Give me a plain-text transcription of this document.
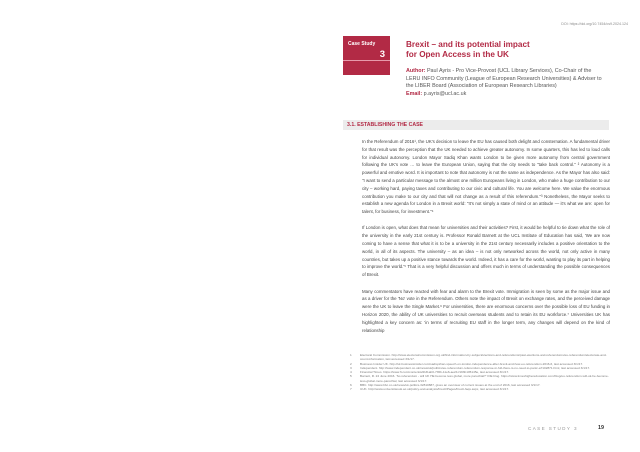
DOI: https://doi.org/10.7454/cs9.2024.124
Case Study
3
Brexit – and its potential impact
for Open Access in the UK
Author: Paul Ayris - Pro Vice-Provost (UCL Library Services), Co-Chair of the LERU INFO Community (League of European Research Universities) & Adviser to the LIBER Board (Association of European Research Libraries)
Email: p.ayris@ucl.ac.uk
3.1. ESTABLISHING THE CASE

In the Referendum of 2016¹, the UK's decision to leave the EU has caused both delight and consternation. A fundamental driver for that result was the perception that the UK needed to achieve greater autonomy. In some quarters, this has led to loud calls for individual autonomy. London Mayor Sadiq Khan wants London to be given more autonomy from central government following the UK's vote … to leave the European Union, saying that the city needs to "take back control." ² Autonomy is a powerful and emotive word. It is important to note that autonomy is not the same as independence. As the Mayor has also said: "I want to send a particular message to the almost one million Europeans living in London, who make a huge contribution to our city – working hard, paying taxes and contributing to our civic and cultural life. You are welcome here. We value the enormous contribution you make to our city and that will not change as a result of this referendum."³ Nonetheless, the Mayor seeks to establish a new agenda for London in a Brexit world: "It's not simply a state of mind or an attitude — it's what we are: open for talent, for business, for investment."⁴

If London is open, what does that mean for universities and their activities? First, it would be helpful to tie down what the role of the university in the early 21st century is. Professor Ronald Barnett at the UCL Institute of Education has said, 'We are now coming to have a sense that what it is to be a university in the 21st century necessarily includes a positive orientation to the world, in all of its aspects. The university – as an idea – is not only networked across the world, not only active in many countries, but takes up a positive stance towards the world. Indeed, it has a care for the world, wanting to play its part in helping to improve the world.'⁵ That is a very helpful discussion and offers much in terms of understanding the possible consequences of Brexit.

Many commentators have reacted with fear and alarm to the Brexit vote. Immigration is seen by some as the major issue and as a driver for the 'No' vote in the Referendum. Others note the impact of Brexit on exchange rates, and the perceived damage were the UK to leave the Single Market.⁶ For universities, there are enormous concerns over the possible loss of EU funding in Horizon 2020, the ability of UK universities to recruit overseas students and to retain its EU workforce.⁷ Universities UK has highlighted a key concern as: 'in terms of recruiting EU staff in the longer term, any changes will depend on the kind of relationship

1	Electoral Commission. http://www.electoralcommission.org.uk/find-information-by-subject/elections-and-referendums/past-elections-and-referendums/eu-referendum/electorate-and-count-information, last accessed 3/1/17.
2	Business Insider UK. http://uk.businessinsider.com/sadiq-khan-speech-on-london-independence-after-brexit-and-how-eu-referendum-2016-6, last accessed 3/1/17.
3	Independent. http://www.independent.co.uk/news/uk/politics/eu-referendum-referendum-response-in-full-there-is-no-need-to-panic-a7102871.html, last accessed 3/1/17.
4	Financial Times. https://www.ft.com/content/a3b31ab0-7b5b-11e6-ae24-f193b105145e, last accessed 3/1/17.
5	Barnett, R. 24 June 2016. 'So referendum - will UK HE become less global, more parochial?' IOE blog. https://www.timeshighereducation.com/blog/eu-referendum-will-uk-he-become-less-global-more-parochial, last accessed 3/1/17.
6	BBC. http://www.bbc.co.uk/news/uk-politics-32810887, gives an overview of current issues at the end of 2016, last accessed 3/1/17.
7	UUK. http://www.universitiesuk.ac.uk/policy-and-analysis/brexit/Pages/brexit-faqs.aspx, last accessed 3/1/17.
CASE STUDY 3	19
